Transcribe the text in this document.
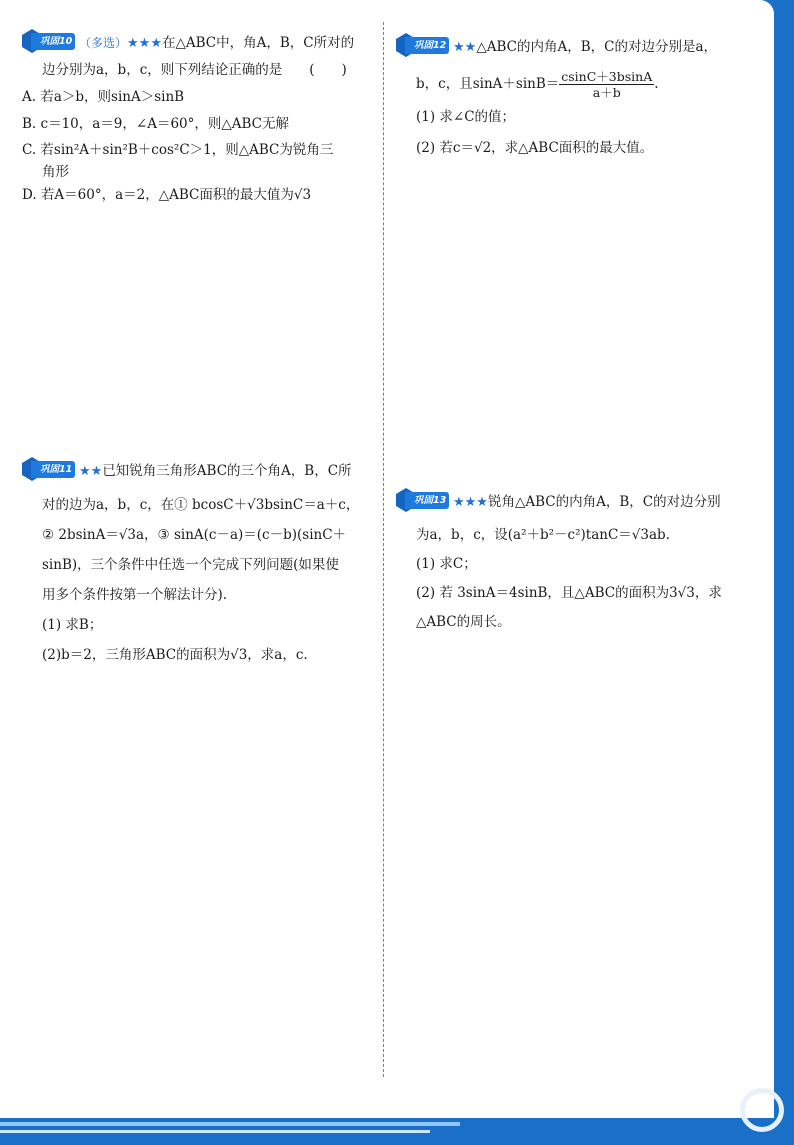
巩固10 （多选）★★★在△ABC中，角A，B，C所对的

边分别为a，b，c，则下列结论正确的是　　(　　)

A. 若a＞b，则sinA＞sinB

B. c＝10，a＝9，∠A＝60°，则△ABC无解

C. 若sin²A＋sin²B＋cos²C＞1，则△ABC为锐角三

角形

D. 若A＝60°，a＝2，△ABC面积的最大值为√3

巩固12 ★★△ABC的内角A，B，C的对边分别是a，

b，c，且$\sin A+\sin B= \frac{csinC+3bsinA}{a+b}$ .

(1) 求∠C的值；

(2) 若c＝√2，求△ABC面积的最大值。

巩固11 ★★已知锐角三角形ABC的三个角A，B，C所

对的边为a，b，c，在① bcosC＋√3bsinC＝a＋c，

② 2bsinA＝√3a，③ sinA(c－a)＝(c－b)(sinC＋

sinB)，三个条件中任选一个完成下列问题(如果使

用多个条件按第一个解法计分).

(1) 求B；

(2)b＝2，三角形ABC的面积为√3，求a，c.

巩固13 ★★★锐角△ABC的内角A，B，C的对边分别

为a，b，c，设(a²＋b²－c²)tanC＝√3ab.

(1) 求C；

(2) 若 3sinA＝4sinB，且△ABC的面积为3√3，求

△ABC的周长。
